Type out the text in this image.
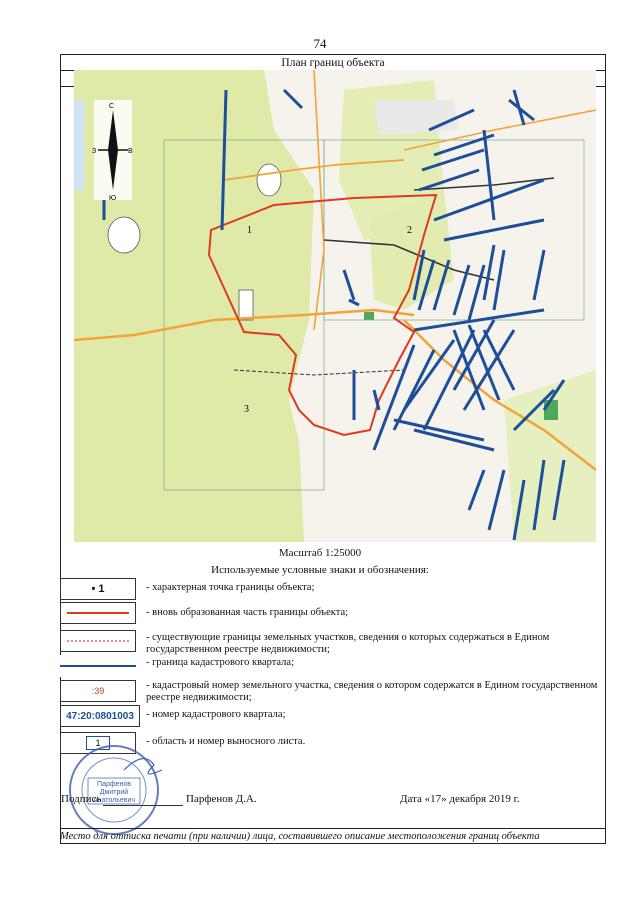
74
План границ объекта
С
Ю
З	В
1	2
3
Масштаб 1:25000
Используемые условные знаки и обозначения:
• 1	- характерная точка границы объекта;
- вновь образованная часть границы объекта;
- существующие границы земельных участков, сведения о которых содержаться в Едином государственном реестре недвижимости;
- граница кадастрового квартала;
:39	- кадастровый номер земельного участка, сведения о котором содержатся в Едином государственном реестре недвижимости;
47:20:0801003 - номер кадастрового квартала;
1	- область и номер выносного листа.
Парфенов
Дмитрий
Анатольевич
Подпись	Парфенов Д.А.	Дата «17» декабря 2019 г.
Место для оттиска печати (при наличии) лица, составившего описание местоположения границ объекта
